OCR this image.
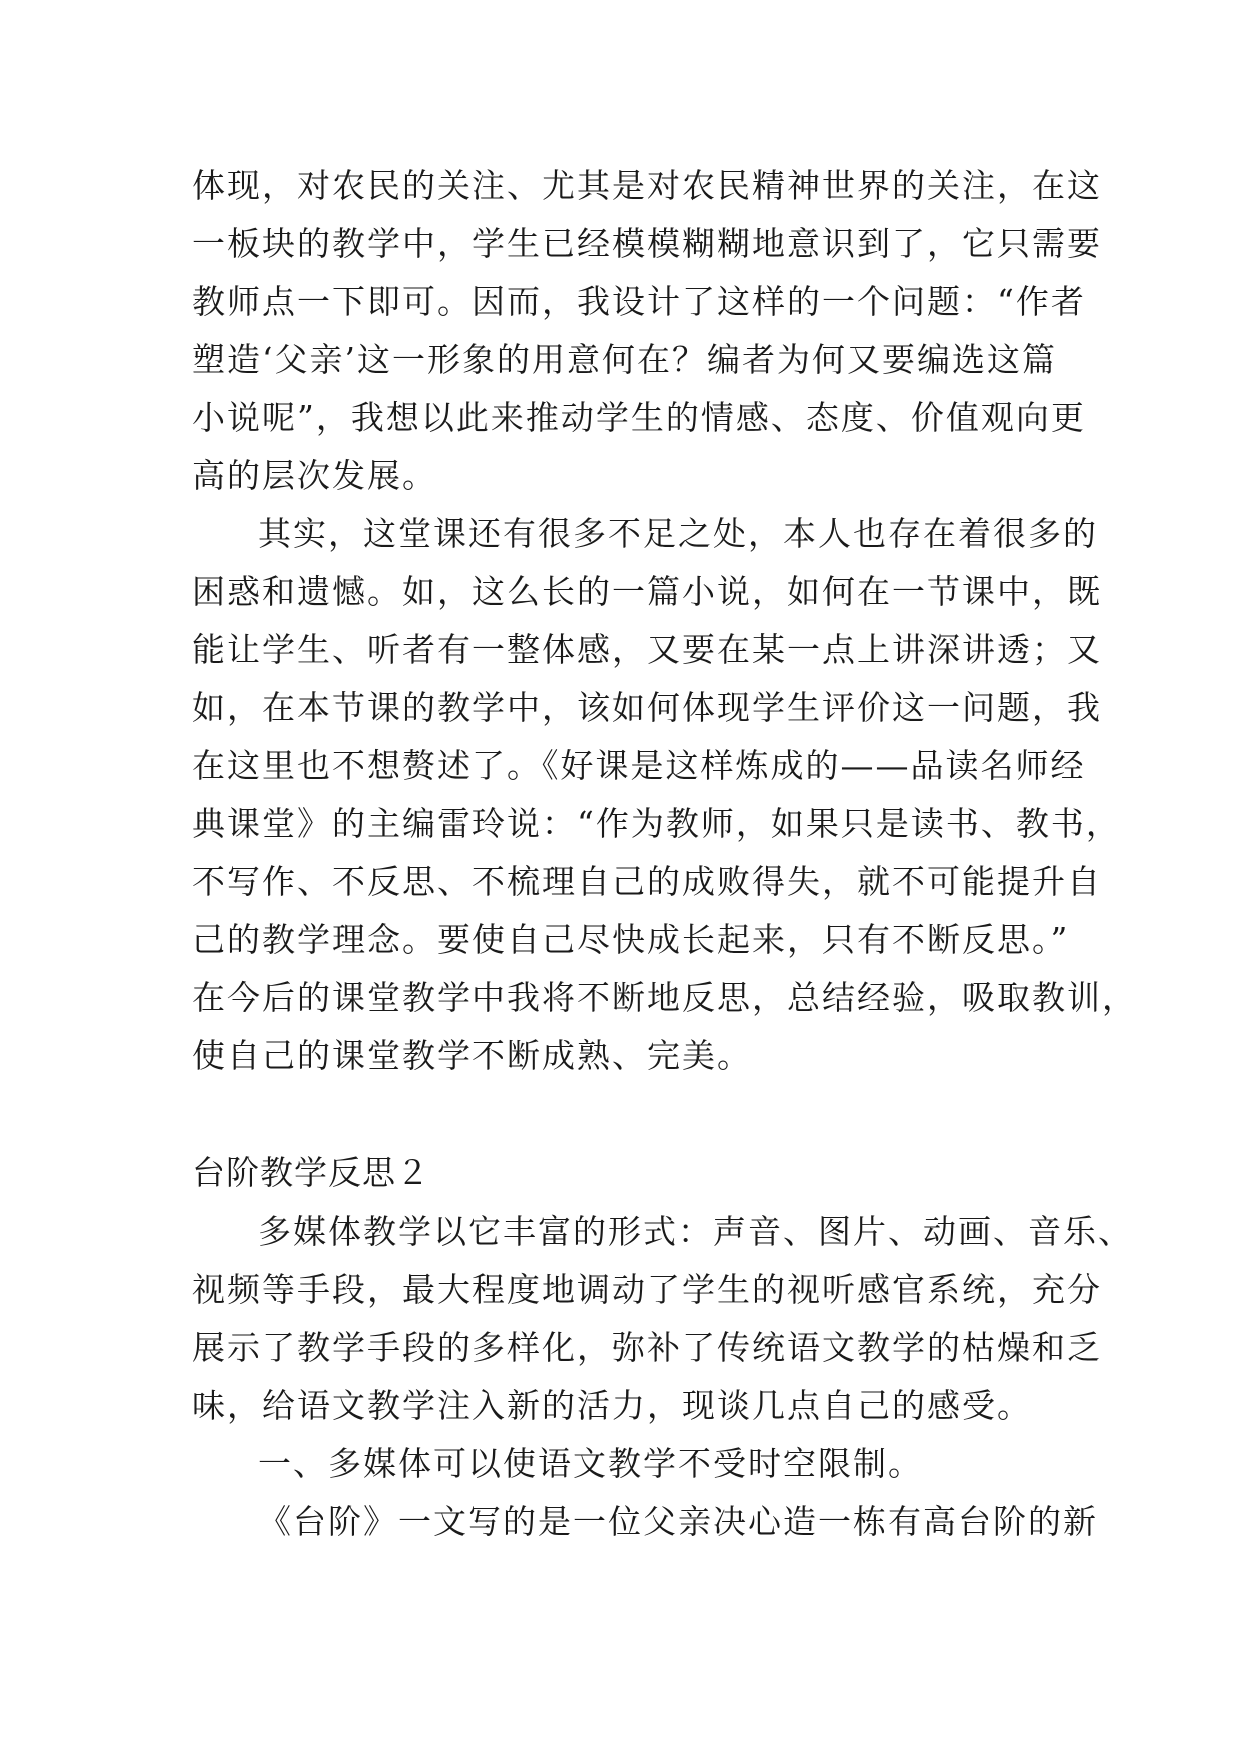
体现，对农民的关注、尤其是对农民精神世界的关注，在这
一板块的教学中，学生已经模模糊糊地意识到了，它只需要
教师点一下即可。因而，我设计了这样的一个问题：“作者
塑造‘父亲’这一形象的用意何在？编者为何又要编选这篇
小说呢”，我想以此来推动学生的情感、态度、价值观向更
高的层次发展。
其实，这堂课还有很多不足之处，本人也存在着很多的
困惑和遗憾。如，这么长的一篇小说，如何在一节课中，既
能让学生、听者有一整体感，又要在某一点上讲深讲透；又
如，在本节课的教学中，该如何体现学生评价这一问题，我
在这里也不想赘述了。《好课是这样炼成的——品读名师经
典课堂》的主编雷玲说：“作为教师，如果只是读书、教书，
不写作、不反思、不梳理自己的成败得失，就不可能提升自
己的教学理念。要使自己尽快成长起来，只有不断反思。”
在今后的课堂教学中我将不断地反思，总结经验，吸取教训，
使自己的课堂教学不断成熟、完美。
台阶教学反思２
多媒体教学以它丰富的形式：声音、图片、动画、音乐、
视频等手段，最大程度地调动了学生的视听感官系统，充分
展示了教学手段的多样化，弥补了传统语文教学的枯燥和乏
味，给语文教学注入新的活力，现谈几点自己的感受。
一、多媒体可以使语文教学不受时空限制。
《台阶》一文写的是一位父亲决心造一栋有高台阶的新
